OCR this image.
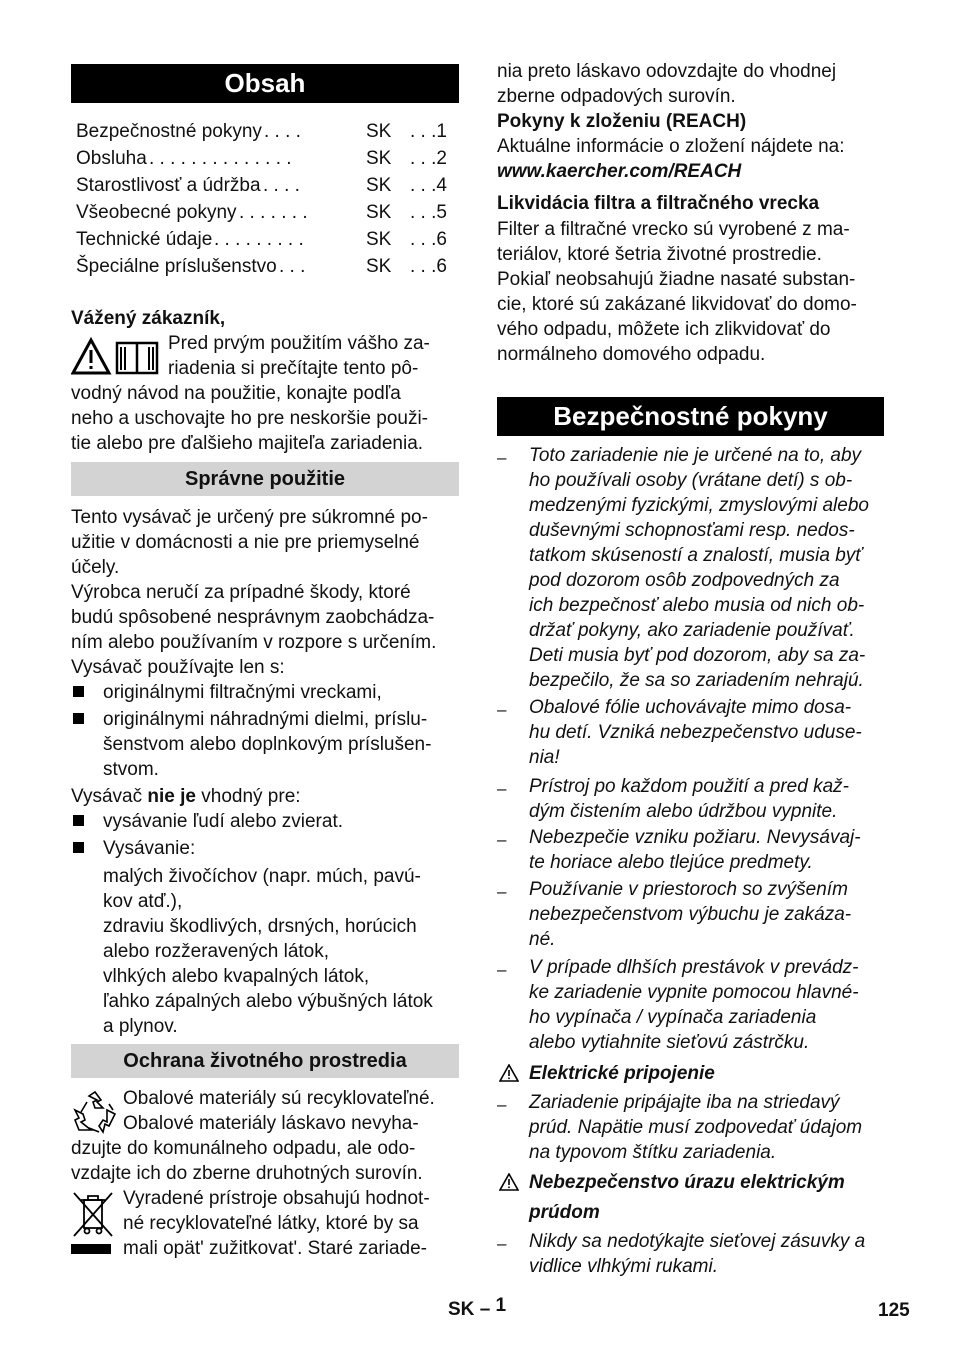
Obsah
Bezpečnostné pokyny . . . .	SK . . .1
Obsluha . . . . . . . . . . . . . .	SK . . .2
Starostlivosť a údržba . . . .	SK . . .4
Všeobecné pokyny . . . . . . .	SK . . .5
Technické údaje . . . . . . . . .	SK . . .6
Špeciálne príslušenstvo . . .	SK . . .6
Vážený zákazník,
Pred prvým použitím vášho za-
riadenia si prečítajte tento pô-
vodný návod na použitie, konajte podľa
neho a uschovajte ho pre neskoršie použi-
tie alebo pre ďalšieho majiteľa zariadenia.
Správne použitie
Tento vysávač je určený pre súkromné po-
užitie v domácnosti a nie pre priemyselné
účely.
Výrobca neručí za prípadné škody, ktoré
budú spôsobené nesprávnym zaobchádza-
ním alebo používaním v rozpore s určením.
Vysávač používajte len s:
originálnymi filtračnými vreckami,
originálnymi náhradnými dielmi, príslu-
šenstvom alebo doplnkovým príslušen-
stvom.
Vysávač nie je vhodný pre:
vysávanie ľudí alebo zvierat.
Vysávanie:
malých živočíchov (napr. múch, pavú-
kov atď.),
zdraviu škodlivých, drsných, horúcich
alebo rozžeravených látok,
vlhkých alebo kvapalných látok,
ľahko zápalných alebo výbušných látok
a plynov.
Ochrana životného prostredia
Obalové materiály sú recyklovateľné.
Obalové materiály láskavo nevyha-
dzujte do komunálneho odpadu, ale odo-
vzdajte ich do zberne druhotných surovín.
Vyradené prístroje obsahujú hodnot-
né recyklovateľné látky, ktoré by sa
mali opät' zužitkovat'. Staré zariade-
nia preto láskavo odovzdajte do vhodnej
zberne odpadových surovín.
Pokyny k zloženiu (REACH)
Aktuálne informácie o zložení nájdete na:
www.kaercher.com/REACH
Likvidácia filtra a filtračného vrecka
Filter a filtračné vrecko sú vyrobené z ma-
teriálov, ktoré šetria životné prostredie.
Pokiaľ neobsahujú žiadne nasaté substan-
cie, ktoré sú zakázané likvidovať do domo-
vého odpadu, môžete ich zlikvidovať do
normálneho domového odpadu.
Bezpečnostné pokyny
– Toto zariadenie nie je určené na to, aby
ho používali osoby (vrátane detí) s ob-
medzenými fyzickými, zmyslovými alebo
duševnými schopnosťami resp. nedos-
tatkom skúseností a znalostí, musia byť
pod dozorom osôb zodpovedných za
ich bezpečnosť alebo musia od nich ob-
držať pokyny, ako zariadenie používať.
Deti musia byť pod dozorom, aby sa za-
bezpečilo, že sa so zariadením nehrajú.
– Obalové fólie uchovávajte mimo dosa-
hu detí. Vzniká nebezpečenstvo uduse-
nia!
– Prístroj po každom použití a pred kaž-
dým čistením alebo údržbou vypnite.
– Nebezpečie vzniku požiaru. Nevysávaj-
te horiace alebo tlejúce predmety.
– Používanie v priestoroch so zvýšením
nebezpečenstvom výbuchu je zakáza-
né.
– V prípade dlhších prestávok v prevádz-
ke zariadenie vypnite pomocou hlavné-
ho vypínača / vypínača zariadenia
alebo vytiahnite sieťovú zástrčku.
Elektrické pripojenie
– Zariadenie pripájajte iba na striedavý
prúd. Napätie musí zodpovedať údajom
na typovom štítku zariadenia.
Nebezpečenstvo úrazu elektrickým
prúdom
– Nikdy sa nedotýkajte sieťovej zásuvky a
vidlice vlhkými rukami.
SK – 1	125
